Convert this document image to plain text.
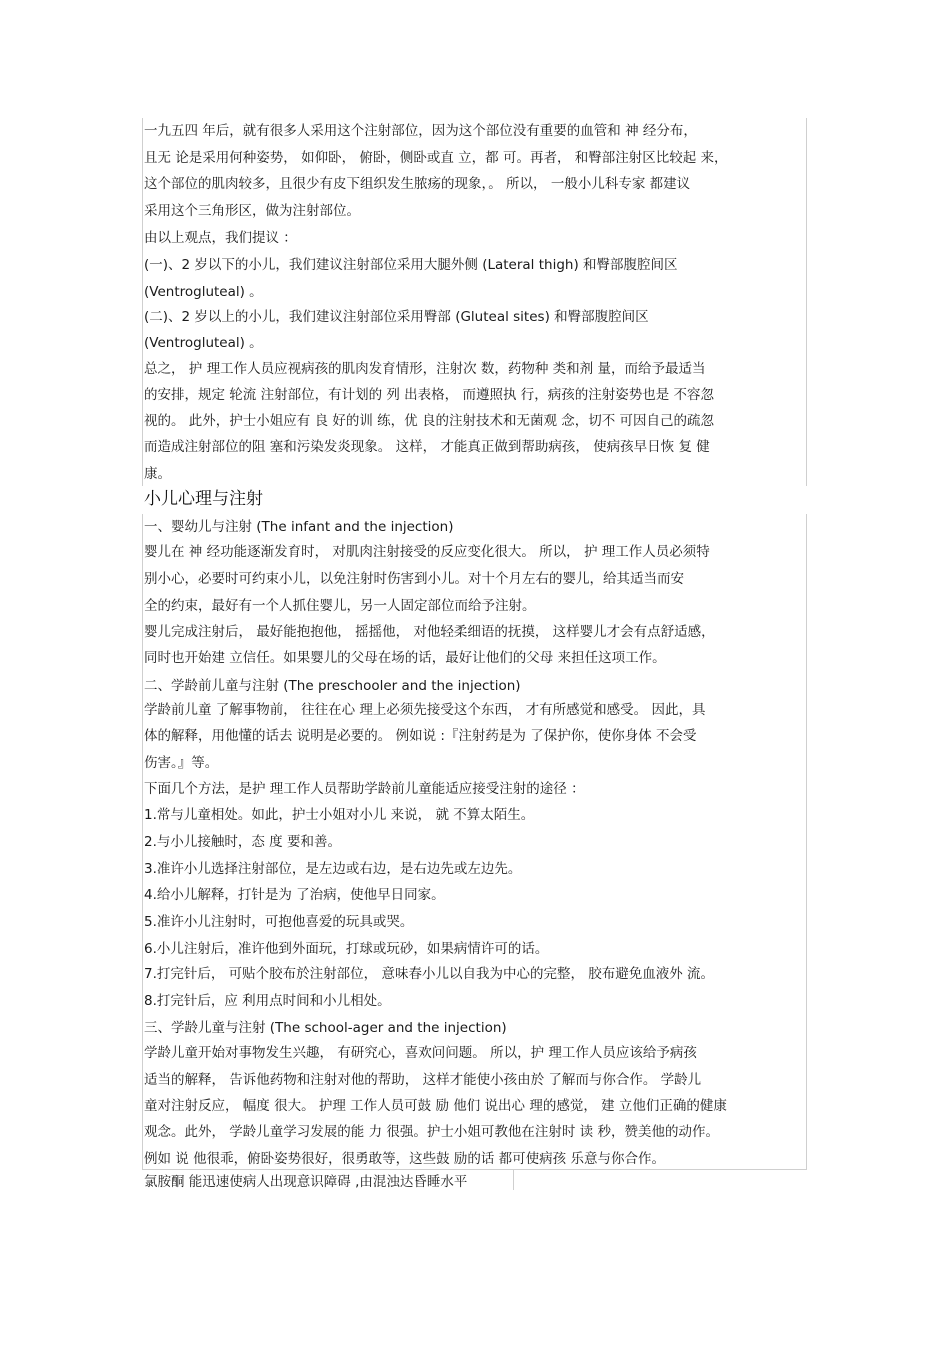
一九五四 年后，就有很多人采用这个注射部位，因为这个部位没有重要的血管和 神 经分布，
且无 论是采用何种姿势， 如仰卧， 俯卧，侧卧或直 立，都 可。再者， 和臀部注射区比较起 来，
这个部位的肌肉较多，且很少有皮下组织发生脓疡的现象，。 所以， 一般小儿科专家 都建议
采用这个三角形区，做为注射部位。
由以上观点，我们提议 ：
(一)、2 岁以下的小儿，我们建议注射部位采用大腿外侧 (Lateral thigh) 和臀部腹腔间区
(Ventrogluteal) 。
(二)、2 岁以上的小儿，我们建议注射部位采用臀部 (Gluteal sites) 和臀部腹腔间区
(Ventrogluteal) 。
总之， 护 理工作人员应视病孩的肌肉发育情形，注射次 数，药物种 类和剂 量，而给予最适当
的安排，规定 轮流 注射部位，有计划的 列 出表格， 而遵照执 行，病孩的注射姿势也是 不容忽
视的。 此外，护士小姐应有 良 好的训 练，优 良的注射技术和无菌观 念，切不 可因自己的疏忽
而造成注射部位的阻 塞和污染发炎现象。 这样， 才能真正做到帮助病孩， 使病孩早日恢 复 健
康。
小儿心理与注射
一、婴幼儿与注射 (The infant and the injection)
婴儿在 神 经功能逐渐发育时， 对肌肉注射接受的反应变化很大。 所以， 护 理工作人员必须特
别小心，必要时可约束小儿，以免注射时伤害到小儿。对十个月左右的婴儿，给其适当而安
全的约束，最好有一个人抓住婴儿，另一人固定部位而给予注射。
婴儿完成注射后， 最好能抱抱他， 摇摇他， 对他轻柔细语的抚摸， 这样婴儿才会有点舒适感，
同时也开始建 立信任。如果婴儿的父母在场的话，最好让他们的父母 来担任这项工作。
二、学龄前儿童与注射 (The preschooler and the injection)
学龄前儿童 了解事物前， 往往在心 理上必须先接受这个东西， 才有所感觉和感受。 因此，具
体的解释，用他懂的话去 说明是必要的。 例如说 :『注射药是为 了保护你，使你身体 不会受
伤害。』等。
下面几个方法，是护 理工作人员帮助学龄前儿童能适应接受注射的途径 ：
1.常与儿童相处。如此，护士小姐对小儿 来说， 就 不算太陌生。
2.与小儿接触时，态 度 要和善。
3.准许小儿选择注射部位，是左边或右边，是右边先或左边先。
4.给小儿解释，打针是为 了治病，使他早日同家。
5.准许小儿注射时，可抱他喜爱的玩具或哭。
6.小儿注射后，准许他到外面玩，打球或玩砂，如果病情许可的话。
7.打完针后， 可贴个胶布於注射部位， 意味春小儿以自我为中心的完整， 胶布避免血液外 流。
8.打完针后，应 利用点时间和小儿相处。
三、学龄儿童与注射 (The school-ager and the injection)
学龄儿童开始对事物发生兴趣， 有研究心，喜欢问问题。 所以，护 理工作人员应该给予病孩
适当的解释， 告诉他药物和注射对他的帮助， 这样才能使小孩由於 了解而与你合作。 学龄儿
童对注射反应， 幅度 很大。 护理 工作人员可鼓 励 他们 说出心 理的感觉， 建 立他们正确的健康
观念。此外， 学龄儿童学习发展的能 力 很强。护士小姐可教他在注射时 读 秒，赞美他的动作。
例如 说 他很乖，俯卧姿势很好，很勇敢等，这些鼓 励的话 都可使病孩 乐意与你合作。
氯胺酮 能迅速使病人出现意识障碍 ,由混浊达昏睡水平
